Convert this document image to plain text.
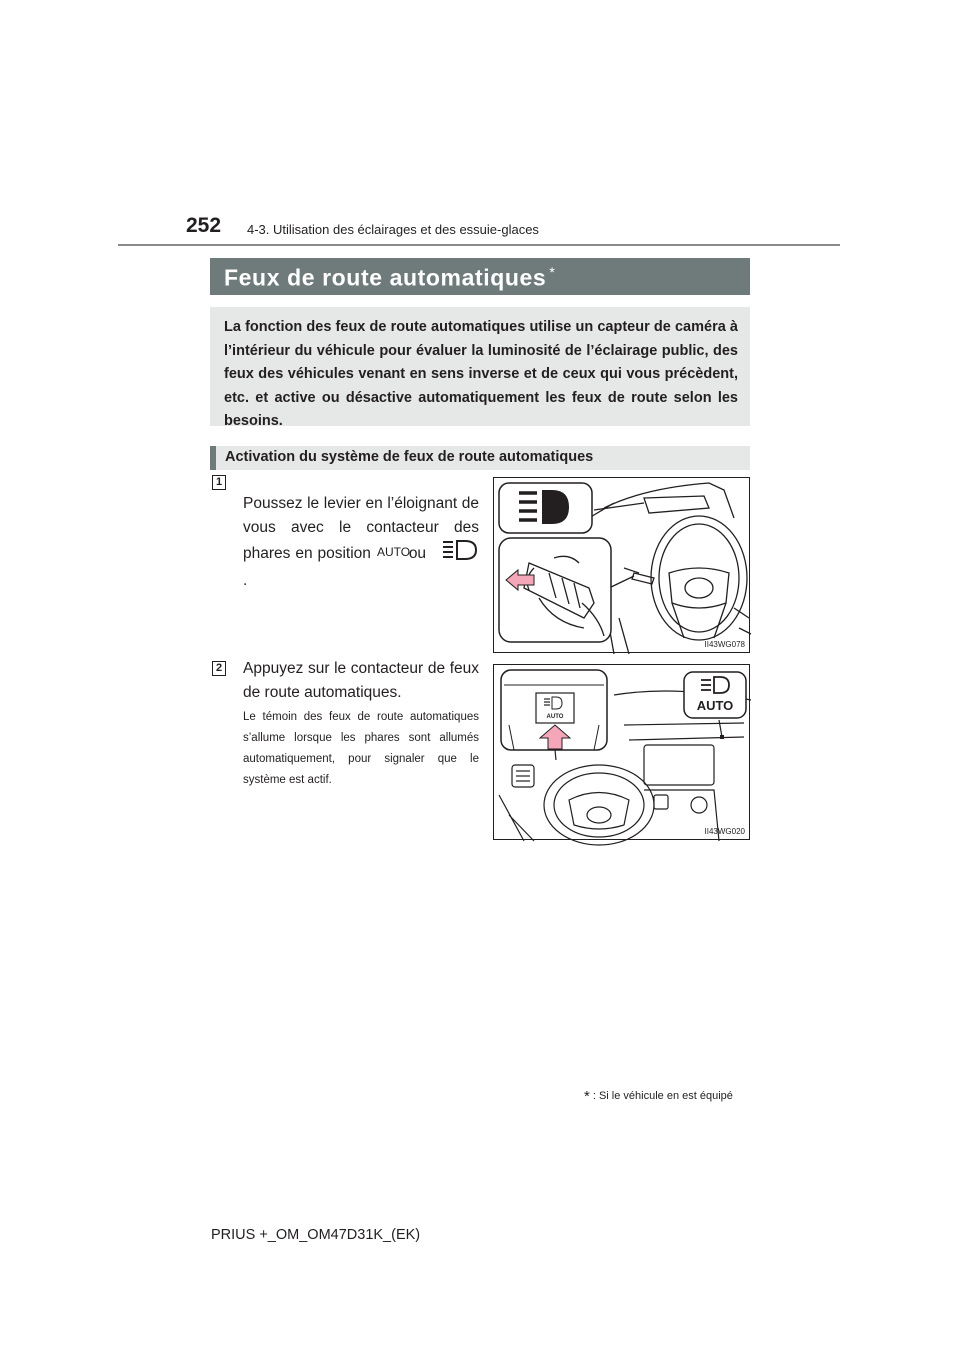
252 4-3. Utilisation des éclairages et des essuie-glaces
Feux de route automatiques *
La fonction des feux de route automatiques utilise un capteur de caméra à l’intérieur du véhicule pour évaluer la luminosité de l’éclairage public, des feux des véhicules venant en sens inverse et de ceux qui vous précèdent, etc. et active ou désactive automatiquement les feux de route selon les besoins.
Activation du système de feux de route automatiques
1
Poussez le levier en l’éloignant de vous avec le contacteur des phares en position AUTO
ou  .
II43WG078
2 Appuyez sur le contacteur de feux de route automatiques.
Le témoin des feux de route automatiques s’allume lorsque les phares sont allumés automatiquement, pour signaler que le système est actif.
AUTO
AUTO
II43WG020
* : Si le véhicule en est équipé
PRIUS +_OM_OM47D31K_(EK)
